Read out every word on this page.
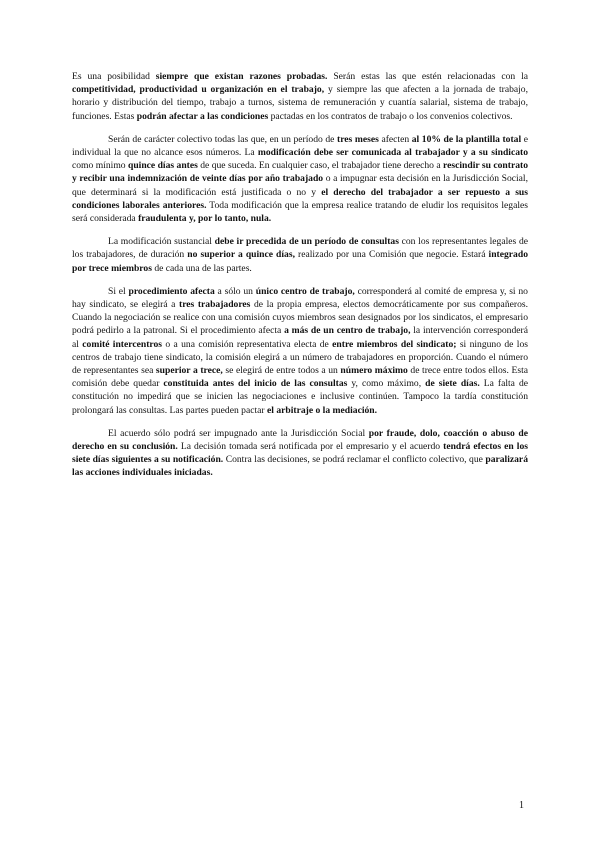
Es una posibilidad siempre que existan razones probadas. Serán estas las que estén relacionadas con la competitividad, productividad u organización en el trabajo, y siempre las que afecten a la jornada de trabajo, horario y distribución del tiempo, trabajo a turnos, sistema de remuneración y cuantía salarial, sistema de trabajo, funciones. Estas podrán afectar a las condiciones pactadas en los contratos de trabajo o los convenios colectivos.

Serán de carácter colectivo todas las que, en un período de tres meses afecten al 10% de la plantilla total e individual la que no alcance esos números. La modificación debe ser comunicada al trabajador y a su sindicato como mínimo quince días antes de que suceda. En cualquier caso, el trabajador tiene derecho a rescindir su contrato y recibir una indemnización de veinte días por año trabajado o a impugnar esta decisión en la Jurisdicción Social, que determinará si la modificación está justificada o no y el derecho del trabajador a ser repuesto a sus condiciones laborales anteriores. Toda modificación que la empresa realice tratando de eludir los requisitos legales será considerada fraudulenta y, por lo tanto, nula.

La modificación sustancial debe ir precedida de un período de consultas con los representantes legales de los trabajadores, de duración no superior a quince días, realizado por una Comisión que negocie. Estará integrado por trece miembros de cada una de las partes.

Si el procedimiento afecta a sólo un único centro de trabajo, corresponderá al comité de empresa y, si no hay sindicato, se elegirá a tres trabajadores de la propia empresa, electos democráticamente por sus compañeros. Cuando la negociación se realice con una comisión cuyos miembros sean designados por los sindicatos, el empresario podrá pedirlo a la patronal. Si el procedimiento afecta a más de un centro de trabajo, la intervención corresponderá al comité intercentros o a una comisión representativa electa de entre miembros del sindicato; si ninguno de los centros de trabajo tiene sindicato, la comisión elegirá a un número de trabajadores en proporción. Cuando el número de representantes sea superior a trece, se elegirá de entre todos a un número máximo de trece entre todos ellos. Esta comisión debe quedar constituida antes del inicio de las consultas y, como máximo, de siete días. La falta de constitución no impedirá que se inicien las negociaciones e inclusive continúen. Tampoco la tardía constitución prolongará las consultas. Las partes pueden pactar el arbitraje o la mediación.

El acuerdo sólo podrá ser impugnado ante la Jurisdicción Social por fraude, dolo, coacción o abuso de derecho en su conclusión. La decisión tomada será notificada por el empresario y el acuerdo tendrá efectos en los siete días siguientes a su notificación. Contra las decisiones, se podrá reclamar el conflicto colectivo, que paralizará las acciones individuales iniciadas.

1
